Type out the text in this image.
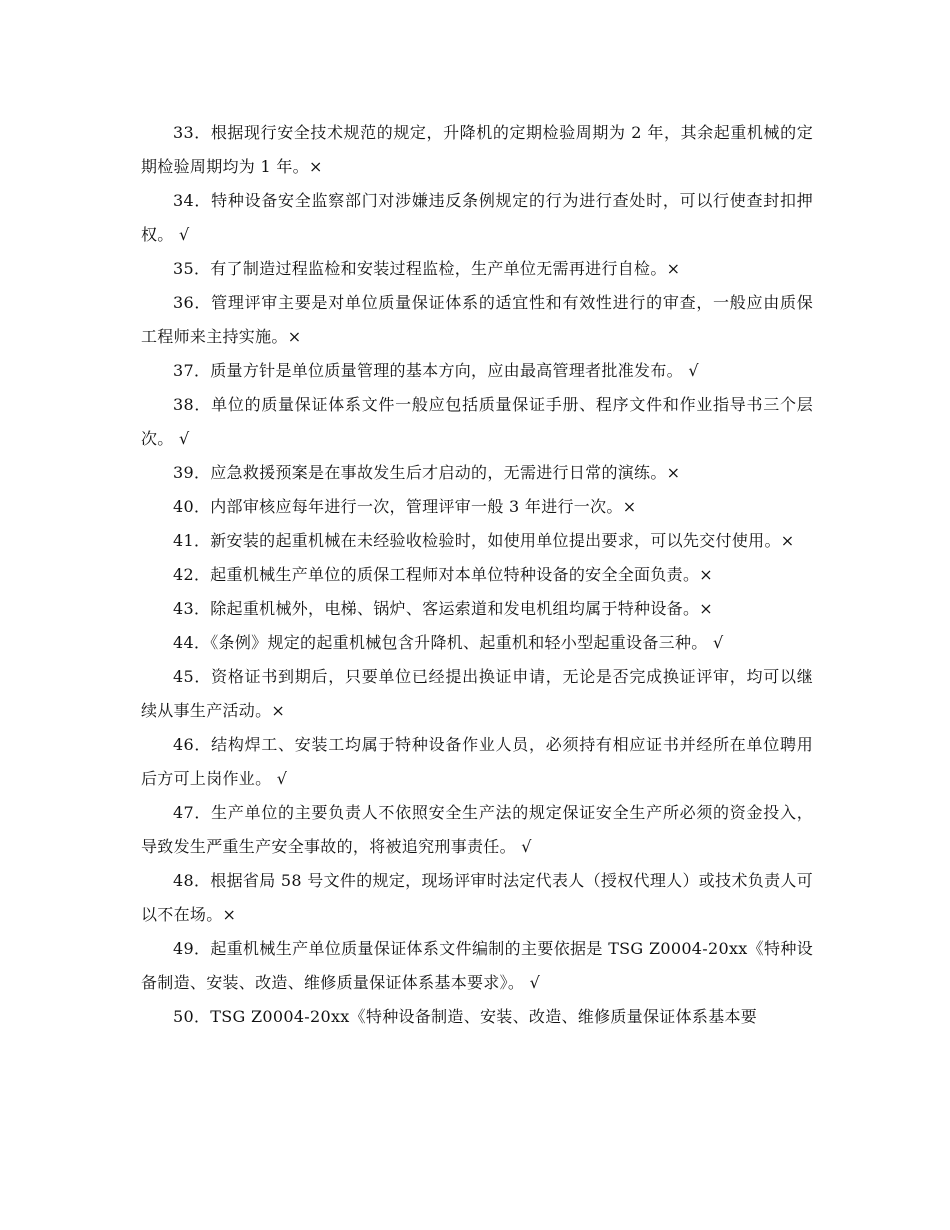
33．根据现行安全技术规范的规定，升降机的定期检验周期为 2 年，其余起重机械的定期检验周期均为 1 年。×

34．特种设备安全监察部门对涉嫌违反条例规定的行为进行查处时，可以行使查封扣押权。 √

35．有了制造过程监检和安装过程监检，生产单位无需再进行自检。×

36．管理评审主要是对单位质量保证体系的适宜性和有效性进行的审查，一般应由质保工程师来主持实施。×

37．质量方针是单位质量管理的基本方向，应由最高管理者批准发布。 √

38．单位的质量保证体系文件一般应包括质量保证手册、程序文件和作业指导书三个层次。 √

39．应急救援预案是在事故发生后才启动的，无需进行日常的演练。×

40．内部审核应每年进行一次，管理评审一般 3 年进行一次。×

41．新安装的起重机械在未经验收检验时，如使用单位提出要求，可以先交付使用。×

42．起重机械生产单位的质保工程师对本单位特种设备的安全全面负责。×

43．除起重机械外，电梯、锅炉、客运索道和发电机组均属于特种设备。×

44．《条例》规定的起重机械包含升降机、起重机和轻小型起重设备三种。 √

45．资格证书到期后，只要单位已经提出换证申请，无论是否完成换证评审，均可以继续从事生产活动。×

46．结构焊工、安装工均属于特种设备作业人员，必须持有相应证书并经所在单位聘用后方可上岗作业。 √

47．生产单位的主要负责人不依照安全生产法的规定保证安全生产所必须的资金投入，导致发生严重生产安全事故的，将被追究刑事责任。 √

48．根据省局 58 号文件的规定，现场评审时法定代表人（授权代理人）或技术负责人可以不在场。×

49．起重机械生产单位质量保证体系文件编制的主要依据是 TSG Z0004-20xx《特种设备制造、安装、改造、维修质量保证体系基本要求》。 √

50．TSG Z0004-20xx《特种设备制造、安装、改造、维修质量保证体系基本要
